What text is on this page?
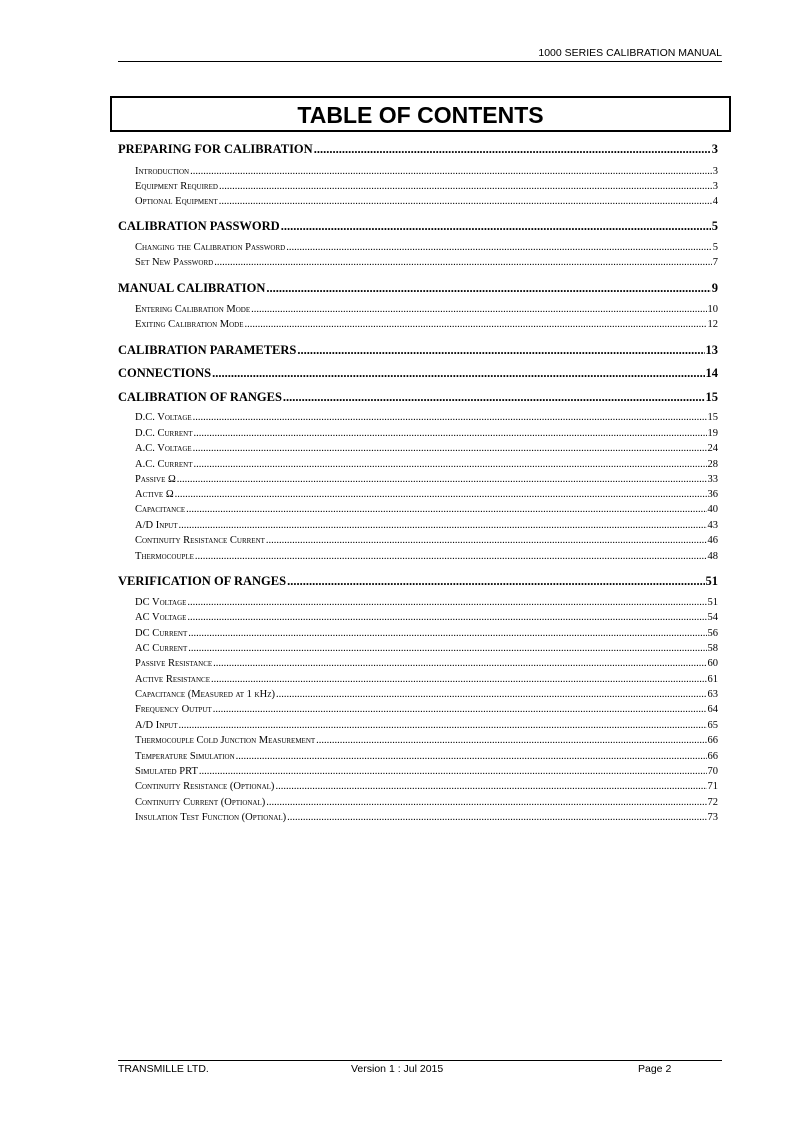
1000 SERIES CALIBRATION MANUAL
TABLE OF CONTENTS
PREPARING FOR CALIBRATION .....	3
Introduction .....	3
Equipment Required .....	3
Optional Equipment .....	4
CALIBRATION PASSWORD .....	5
Changing the Calibration Password .....	5
Set New Password .....	7
MANUAL CALIBRATION .....	9
Entering Calibration Mode .....	10
Exiting Calibration Mode .....	12
CALIBRATION PARAMETERS .....	13
CONNECTIONS .....	14
CALIBRATION OF RANGES .....	15
D.C. Voltage .....	15
D.C. Current .....	19
A.C. Voltage .....	24
A.C. Current .....	28
Passive Ω .....	33
Active Ω .....	36
Capacitance .....	40
A/D Input .....	43
Continuity Resistance Current .....	46
Thermocouple .....	48
VERIFICATION OF RANGES .....	51
DC Voltage .....	51
AC Voltage .....	54
DC Current .....	56
AC Current .....	58
Passive Resistance .....	60
Active Resistance .....	61
Capacitance (Measured at 1 kHz) .....	63
Frequency Output .....	64
A/D Input .....	65
Thermocouple Cold Junction Measurement .....	66
Temperature Simulation .....	66
Simulated PRT .....	70
Continuity Resistance (Optional) .....	71
Continuity Current (Optional) .....	72
Insulation Test Function (Optional) .....	73
TRANSMILLE LTD.	Version 1 : Jul 2015	Page 2
